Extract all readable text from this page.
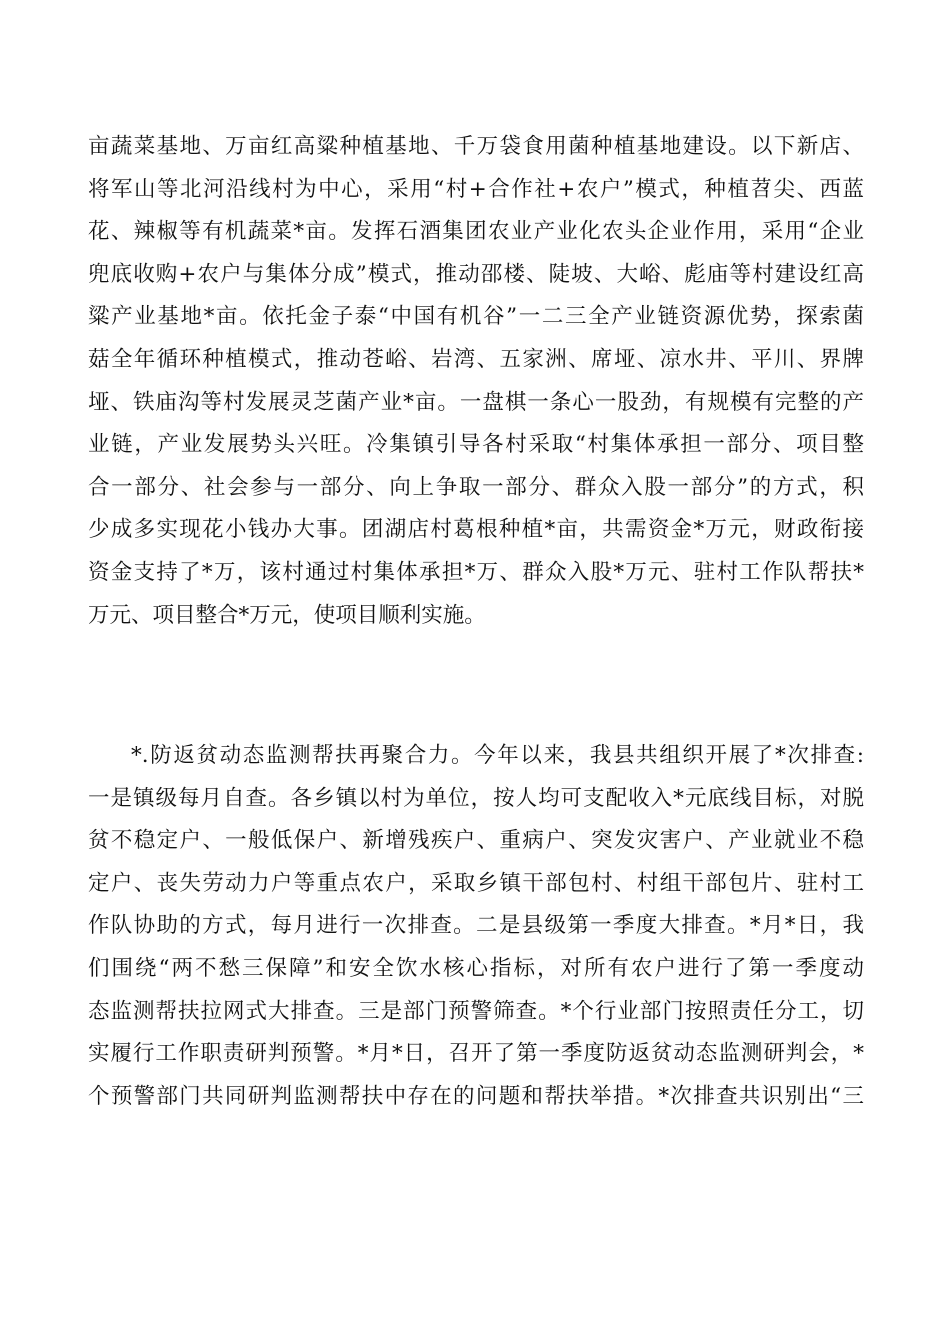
亩蔬菜基地、万亩红高粱种植基地、千万袋食用菌种植基地建设。以下新店、
将军山等北河沿线村为中心，采用“村+合作社+农户”模式，种植苕尖、西蓝
花、辣椒等有机蔬菜*亩。发挥石酒集团农业产业化农头企业作用，采用“企业
兜底收购+农户与集体分成”模式，推动邵楼、陡坡、大峪、彪庙等村建设红高
粱产业基地*亩。依托金子泰“中国有机谷”一二三全产业链资源优势，探索菌
菇全年循环种植模式，推动苍峪、岩湾、五家洲、席垭、凉水井、平川、界牌
垭、铁庙沟等村发展灵芝菌产业*亩。一盘棋一条心一股劲，有规模有完整的产
业链，产业发展势头兴旺。冷集镇引导各村采取“村集体承担一部分、项目整
合一部分、社会参与一部分、向上争取一部分、群众入股一部分”的方式，积
少成多实现花小钱办大事。团湖店村葛根种植*亩，共需资金*万元，财政衔接
资金支持了*万，该村通过村集体承担*万、群众入股*万元、驻村工作队帮扶*
万元、项目整合*万元，使项目顺利实施。
*.防返贫动态监测帮扶再聚合力。今年以来，我县共组织开展了*次排查:
一是镇级每月自查。各乡镇以村为单位，按人均可支配收入*元底线目标，对脱
贫不稳定户、一般低保户、新增残疾户、重病户、突发灾害户、产业就业不稳
定户、丧失劳动力户等重点农户，采取乡镇干部包村、村组干部包片、驻村工
作队协助的方式，每月进行一次排查。二是县级第一季度大排查。*月*日，我
们围绕“两不愁三保障”和安全饮水核心指标，对所有农户进行了第一季度动
态监测帮扶拉网式大排查。三是部门预警筛查。*个行业部门按照责任分工，切
实履行工作职责研判预警。*月*日，召开了第一季度防返贫动态监测研判会，*
个预警部门共同研判监测帮扶中存在的问题和帮扶举措。*次排查共识别出“三
